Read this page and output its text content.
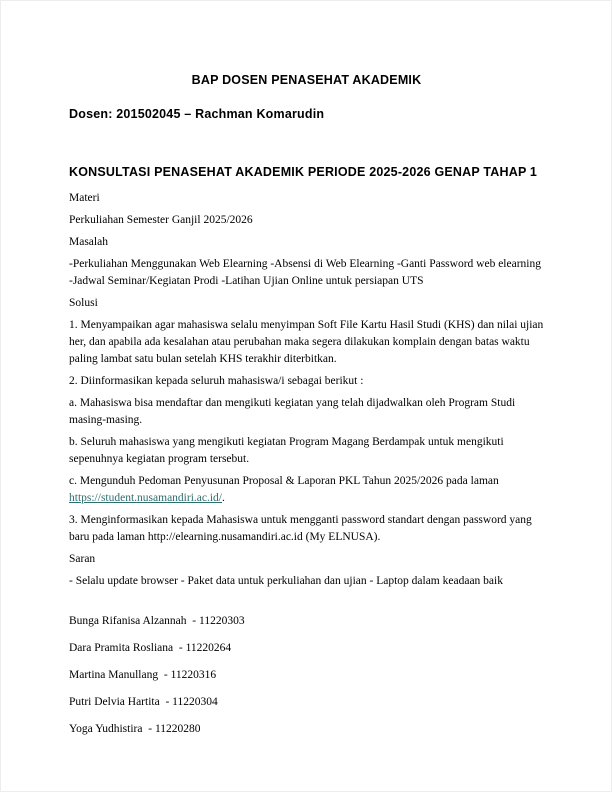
BAP DOSEN PENASEHAT AKADEMIK

Dosen: 201502045 – Rachman Komarudin

KONSULTASI PENASEHAT AKADEMIK PERIODE 2025-2026 GENAP TAHAP 1

Materi

Perkuliahan Semester Ganjil 2025/2026

Masalah

-Perkuliahan Menggunakan Web Elearning -Absensi di Web Elearning -Ganti Password web elearning -Jadwal Seminar/Kegiatan Prodi -Latihan Ujian Online untuk persiapan UTS

Solusi

1. Menyampaikan agar mahasiswa selalu menyimpan Soft File Kartu Hasil Studi (KHS) dan nilai ujian her, dan apabila ada kesalahan atau perubahan maka segera dilakukan komplain dengan batas waktu paling lambat satu bulan setelah KHS terakhir diterbitkan.

2. Diinformasikan kepada seluruh mahasiswa/i sebagai berikut :

a. Mahasiswa bisa mendaftar dan mengikuti kegiatan yang telah dijadwalkan oleh Program Studi masing-masing.

b. Seluruh mahasiswa yang mengikuti kegiatan Program Magang Berdampak untuk mengikuti sepenuhnya kegiatan program tersebut.

c. Mengunduh Pedoman Penyusunan Proposal & Laporan PKL Tahun 2025/2026 pada laman https://student.nusamandiri.ac.id/.

3. Menginformasikan kepada Mahasiswa untuk mengganti password standart dengan password yang baru pada laman http://elearning.nusamandiri.ac.id (My ELNUSA).

Saran

- Selalu update browser - Paket data untuk perkuliahan dan ujian - Laptop dalam keadaan baik

Bunga Rifanisa Alzannah  - 11220303

Dara Pramita Rosliana  - 11220264

Martina Manullang  - 11220316

Putri Delvia Hartita  - 11220304

Yoga Yudhistira  - 11220280
